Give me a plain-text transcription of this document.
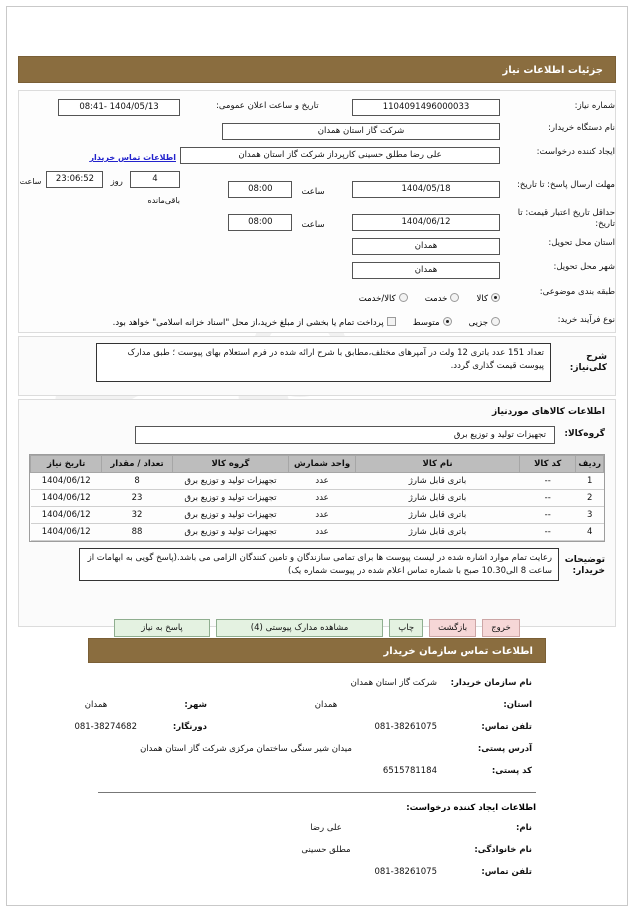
جزئیات اطلاعات نیاز
شماره نیاز:	1104091496000033	تاریخ و ساعت اعلان عمومی:	1404/05/13 -08:41
نام دستگاه خریدار:	شرکت گاز استان همدان		
ایجاد کننده درخواست:	علی رضا مطلق حسینی کارپرداز شرکت گاز استان همدان		اطلاعات تماس خریدار
مهلت ارسال پاسخ: تا تاریخ:	1404/05/18	ساعت 08:00	4 روز 23:06:52 ساعت باقی‌مانده
حداقل تاریخ اعتبار قیمت: تا تاریخ:	1404/06/12	ساعت 08:00	
استان محل تحویل:	همدان		
شهر محل تحویل:	همدان		
طبقه بندی موضوعی:	کالا خدمت کالا/خدمت		
نوع فرآیند خرید:	جزیی متوسط پرداخت تمام یا بخشی از مبلغ خرید،از محل "اسناد خزانه اسلامی" خواهد بود.		
شرح کلی‌نیاز:	
تعداد 151 عدد باتری 12 ولت در آمپرهای مختلف،مطابق با شرح ارائه شده در فرم استعلام بهای پیوست ؛ طبق مدارک پیوست قیمت گذاری گردد.
اطلاعات کالاهای موردنیاز
گروه‌کالا:	تجهیزات تولید و توزیع برق
ردیف	کد کالا	نام کالا	واحد شمارش	گروه کالا	تعداد / مقدار	تاریخ نیاز
1	--	باتری قابل شارژ	عدد	تجهیزات تولید و توزیع برق	8	1404/06/12
2	--	باتری قابل شارژ	عدد	تجهیزات تولید و توزیع برق	23	1404/06/12
3	--	باتری قابل شارژ	عدد	تجهیزات تولید و توزیع برق	32	1404/06/12
4	--	باتری قابل شارژ	عدد	تجهیزات تولید و توزیع برق	88	1404/06/12
توضیحات خریدار:	
رعایت تمام موارد اشاره شده در لیست پیوست ها برای تمامی سازندگان و تامین کنندگان الزامی می باشد.(پاسخ گویی به ابهامات از ساعت 8 الی10.30 صبح با شماره تماس اعلام شده در پیوست شماره یک)
خروجبازگشتچاپمشاهده مدارک پیوستی (4)پاسخ به نیاز
اطلاعات تماس سازمان خریدار
نام سازمان خریدار:	شرکت گاز استان همدان		
استان:	همدان	شهر:	همدان
تلفن تماس:	081-38261075دورنگار:	081-38274682
آدرس پستی:	میدان شیر سنگی ساختمان مرکزی شرکت گاز استان همدان		
کد پستی:	6515781184	
اطلاعات ایجاد کننده درخواست:
نام:	علی رضا
نام خانوادگی:	مطلق حسینی
تلفن تماس:	081-38261075
